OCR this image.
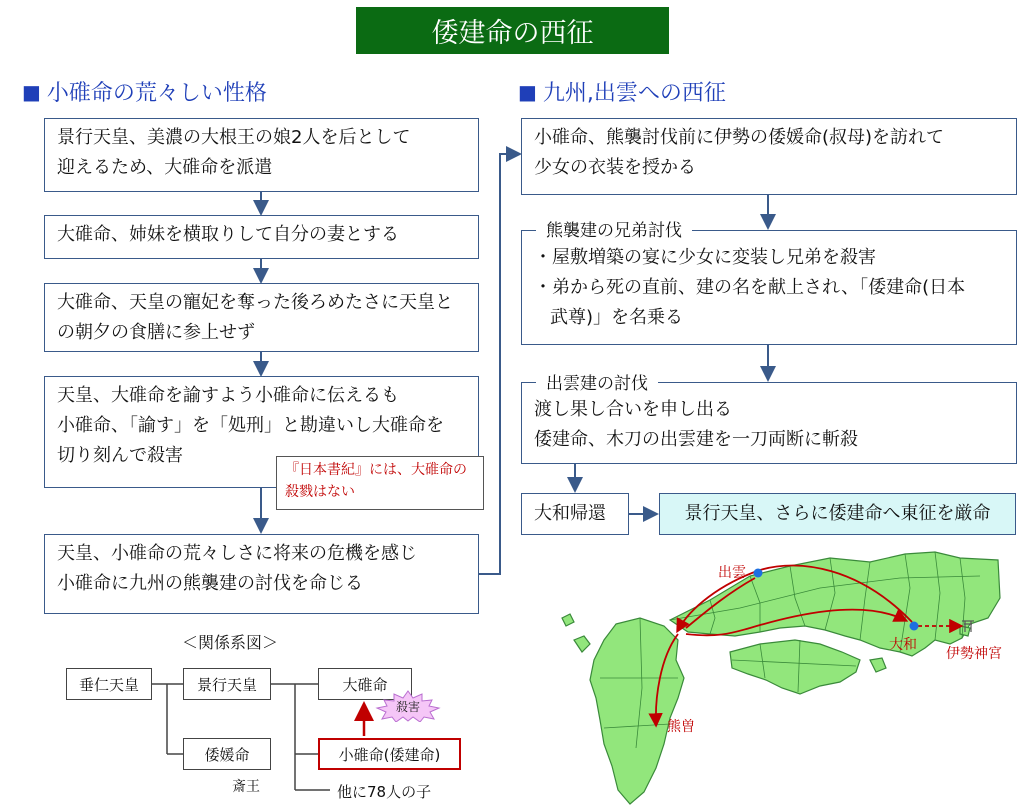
倭建命の西征
■ 小碓命の荒々しい性格	■ 九州,出雲への西征
景行天皇、美濃の大根王の娘2人を后として
迎えるため、大碓命を派遣
大碓命、姉妹を横取りして自分の妻とする
大碓命、天皇の寵妃を奪った後ろめたさに天皇と
の朝夕の食膳に参上せず
天皇、大碓命を諭すよう小碓命に伝えるも
小碓命、「諭す」を「処刑」と勘違いし大碓命を
切り刻んで殺害
『日本書紀』には、大碓命の
殺戮はない
天皇、小碓命の荒々しさに将来の危機を感じ
小碓命に九州の熊襲建の討伐を命じる
小碓命、熊襲討伐前に伊勢の倭媛命(叔母)を訪れて
少女の衣装を授かる
・屋敷増築の宴に少女に変装し兄弟を殺害
・弟から死の直前、建の名を献上され、「倭建命(日本
武尊)」を名乗る
熊襲建の兄弟討伐
渡し果し合いを申し出る
倭建命、木刀の出雲建を一刀両断に斬殺
出雲建の討伐
大和帰還	景行天皇、さらに倭建命へ東征を厳命
＜関係系図＞
垂仁天皇	景行天皇	大碓命
倭媛命
斎王
小碓命(倭建命)
他に78人の子
殺害
出雲
大和
熊曽
伊勢神宮
